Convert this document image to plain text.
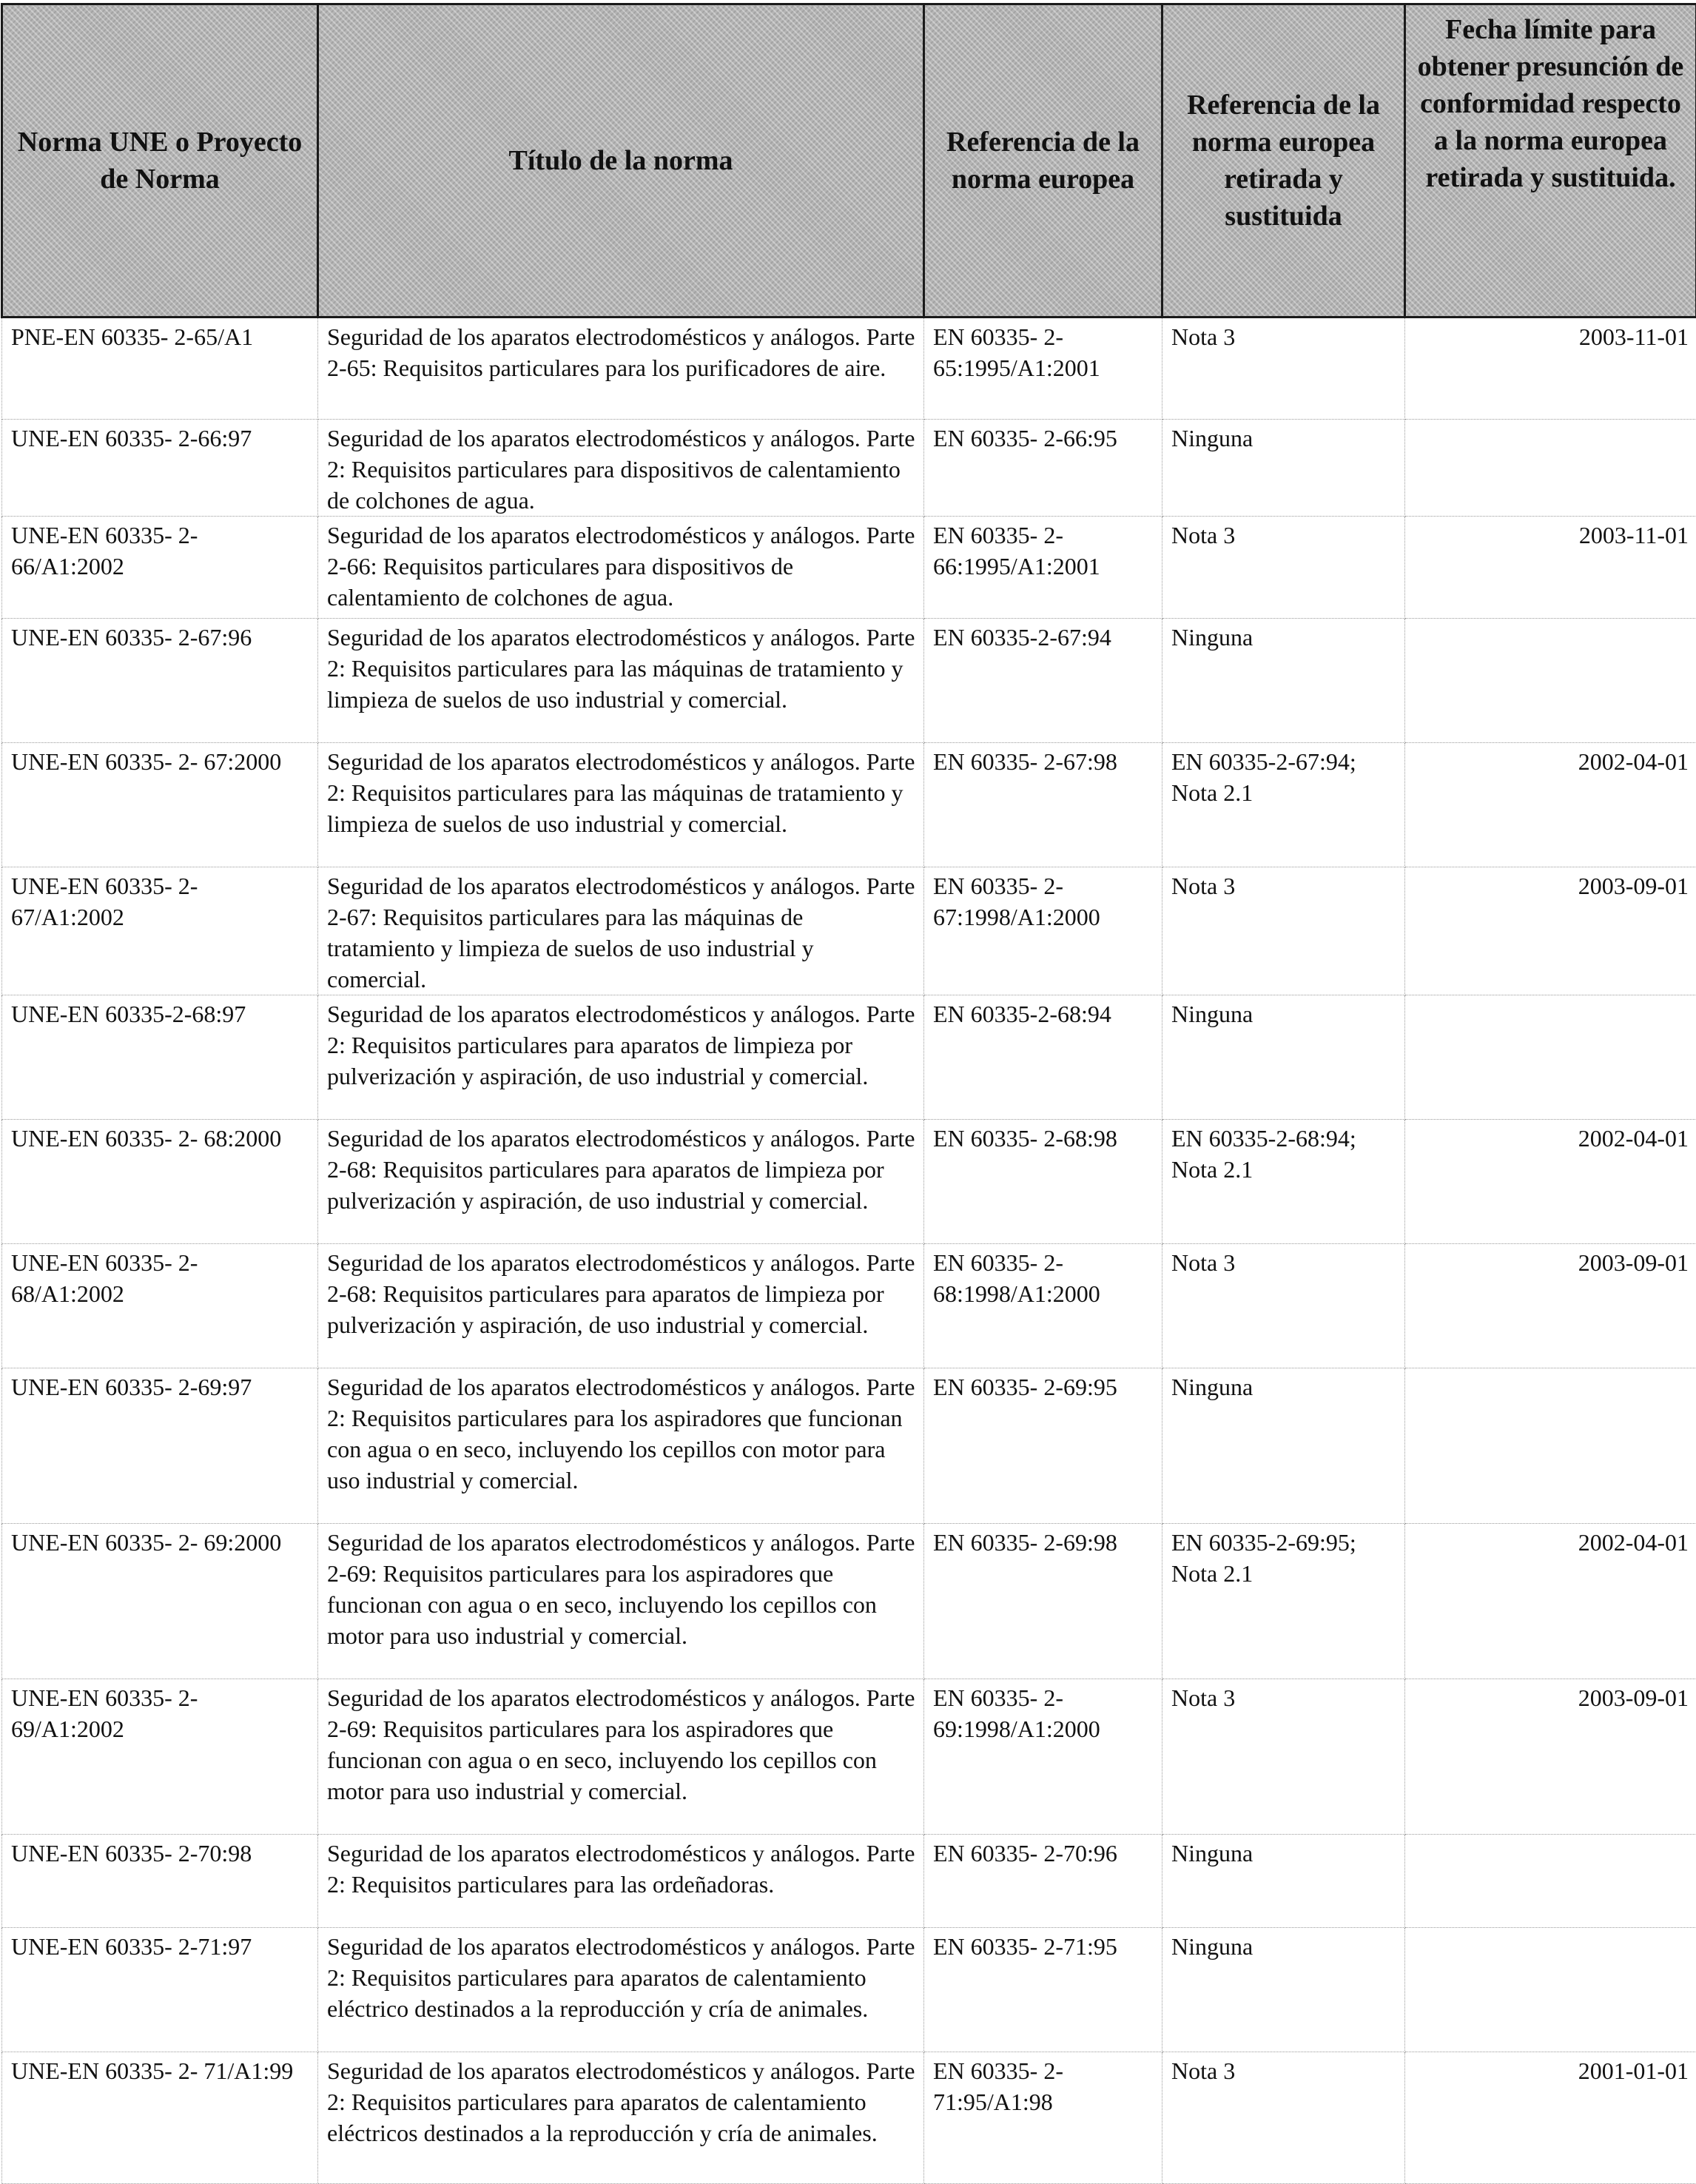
Norma UNE o Proyecto de Norma	Título de la norma	Referencia de la norma europea	Referencia de la norma europea retirada y sustituida	Fecha límite para obtener presunción de conformidad respecto a la norma europea retirada y sustituida.
PNE-EN 60335- 2-65/A1	Seguridad de los aparatos electrodomésticos y análogos. Parte 2-65: Requisitos particulares para los purificadores de aire.	EN 60335- 2- 65:1995/A1:2001	Nota 3	2003-11-01
UNE-EN 60335- 2-66:97	Seguridad de los aparatos electrodomésticos y análogos. Parte 2: Requisitos particulares para dispositivos de calentamiento de colchones de agua.	EN 60335- 2-66:95	Ninguna	
UNE-EN 60335- 2- 66/A1:2002	Seguridad de los aparatos electrodomésticos y análogos. Parte 2-66: Requisitos particulares para dispositivos de calentamiento de colchones de agua.	EN 60335- 2- 66:1995/A1:2001	Nota 3	2003-11-01
UNE-EN 60335- 2-67:96	Seguridad de los aparatos electrodomésticos y análogos. Parte 2: Requisitos particulares para las máquinas de tratamiento y limpieza de suelos de uso industrial y comercial.	EN 60335-2-67:94	Ninguna	
UNE-EN 60335- 2- 67:2000	Seguridad de los aparatos electrodomésticos y análogos. Parte 2: Requisitos particulares para las máquinas de tratamiento y limpieza de suelos de uso industrial y comercial.	EN 60335- 2-67:98	EN 60335-2-67:94; Nota 2.1	2002-04-01
UNE-EN 60335- 2- 67/A1:2002	Seguridad de los aparatos electrodomésticos y análogos. Parte 2-67: Requisitos particulares para las máquinas de tratamiento y limpieza de suelos de uso industrial y comercial.	EN 60335- 2- 67:1998/A1:2000	Nota 3	2003-09-01
UNE-EN 60335-2-68:97	Seguridad de los aparatos electrodomésticos y análogos. Parte 2: Requisitos particulares para aparatos de limpieza por pulverización y aspiración, de uso industrial y comercial.	EN 60335-2-68:94	Ninguna	
UNE-EN 60335- 2- 68:2000	Seguridad de los aparatos electrodomésticos y análogos. Parte 2-68: Requisitos particulares para aparatos de limpieza por pulverización y aspiración, de uso industrial y comercial.	EN 60335- 2-68:98	EN 60335-2-68:94; Nota 2.1	2002-04-01
UNE-EN 60335- 2- 68/A1:2002	Seguridad de los aparatos electrodomésticos y análogos. Parte 2-68: Requisitos particulares para aparatos de limpieza por pulverización y aspiración, de uso industrial y comercial.	EN 60335- 2- 68:1998/A1:2000	Nota 3	2003-09-01
UNE-EN 60335- 2-69:97	Seguridad de los aparatos electrodomésticos y análogos. Parte 2: Requisitos particulares para los aspiradores que funcionan con agua o en seco, incluyendo los cepillos con motor para uso industrial y comercial.	EN 60335- 2-69:95	Ninguna	
UNE-EN 60335- 2- 69:2000	Seguridad de los aparatos electrodomésticos y análogos. Parte 2-69: Requisitos particulares para los aspiradores que funcionan con agua o en seco, incluyendo los cepillos con motor para uso industrial y comercial.	EN 60335- 2-69:98	EN 60335-2-69:95; Nota 2.1	2002-04-01
UNE-EN 60335- 2- 69/A1:2002	Seguridad de los aparatos electrodomésticos y análogos. Parte 2-69: Requisitos particulares para los aspiradores que funcionan con agua o en seco, incluyendo los cepillos con motor para uso industrial y comercial.	EN 60335- 2- 69:1998/A1:2000	Nota 3	2003-09-01
UNE-EN 60335- 2-70:98	Seguridad de los aparatos electrodomésticos y análogos. Parte 2: Requisitos particulares para las ordeñadoras.	EN 60335- 2-70:96	Ninguna	
UNE-EN 60335- 2-71:97	Seguridad de los aparatos electrodomésticos y análogos. Parte 2: Requisitos particulares para aparatos de calentamiento eléctrico destinados a la reproducción y cría de animales.	EN 60335- 2-71:95	Ninguna	
UNE-EN 60335- 2- 71/A1:99	Seguridad de los aparatos electrodomésticos y análogos. Parte 2: Requisitos particulares para aparatos de calentamiento eléctricos destinados a la reproducción y cría de animales.	EN 60335- 2- 71:95/A1:98	Nota 3	2001-01-01
